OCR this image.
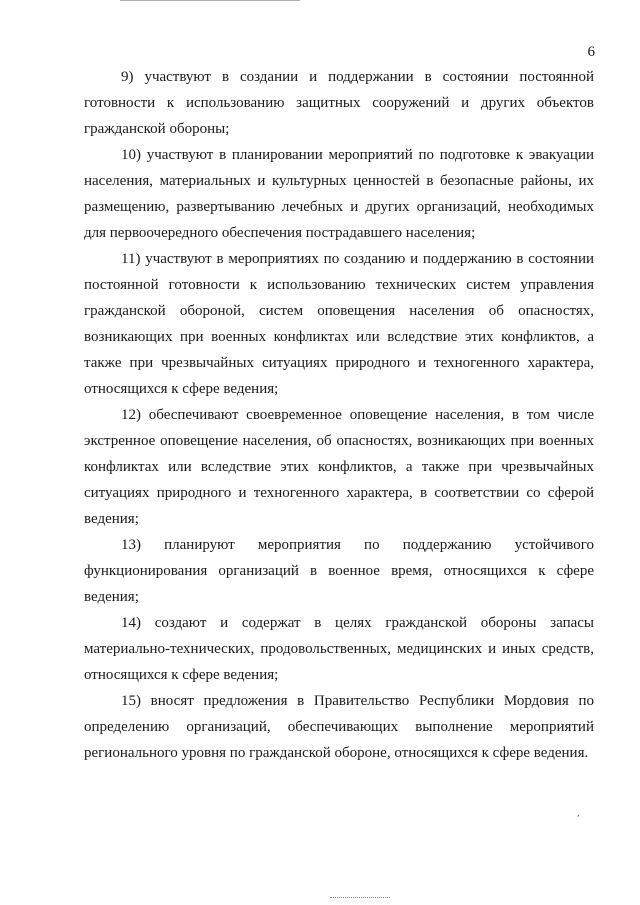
6

9) участвуют в создании и поддержании в состоянии постоянной готовности к использованию защитных сооружений и других объектов гражданской обороны;

10) участвуют в планировании мероприятий по подготовке к эвакуации населения, материальных и культурных ценностей в безопасные районы, их размещению, развертыванию лечебных и других организаций, необходимых для первоочередного обеспечения пострадавшего населения;

11) участвуют в мероприятиях по созданию и поддержанию в состоянии постоянной готовности к использованию технических систем управления гражданской обороной, систем оповещения населения об опасностях, возникающих при военных конфликтах или вследствие этих конфликтов, а также при чрезвычайных ситуациях природного и техногенного характера, относящихся к сфере ведения;

12) обеспечивают своевременное оповещение населения, в том числе экстренное оповещение населения, об опасностях, возникающих при военных конфликтах или вследствие этих конфликтов, а также при чрезвычайных ситуациях природного и техногенного характера, в соответствии со сферой ведения;

13) планируют мероприятия по поддержанию устойчивого функционирования организаций в военное время, относящихся к сфере ведения;

14) создают и содержат в целях гражданской обороны запасы материально-технических, продовольственных, медицинских и иных средств, относящихся к сфере ведения;

15) вносят предложения в Правительство Республики Мордовия по определению организаций, обеспечивающих выполнение мероприятий регионального уровня по гражданской обороне, относящихся к сфере ведения.

ˊ
